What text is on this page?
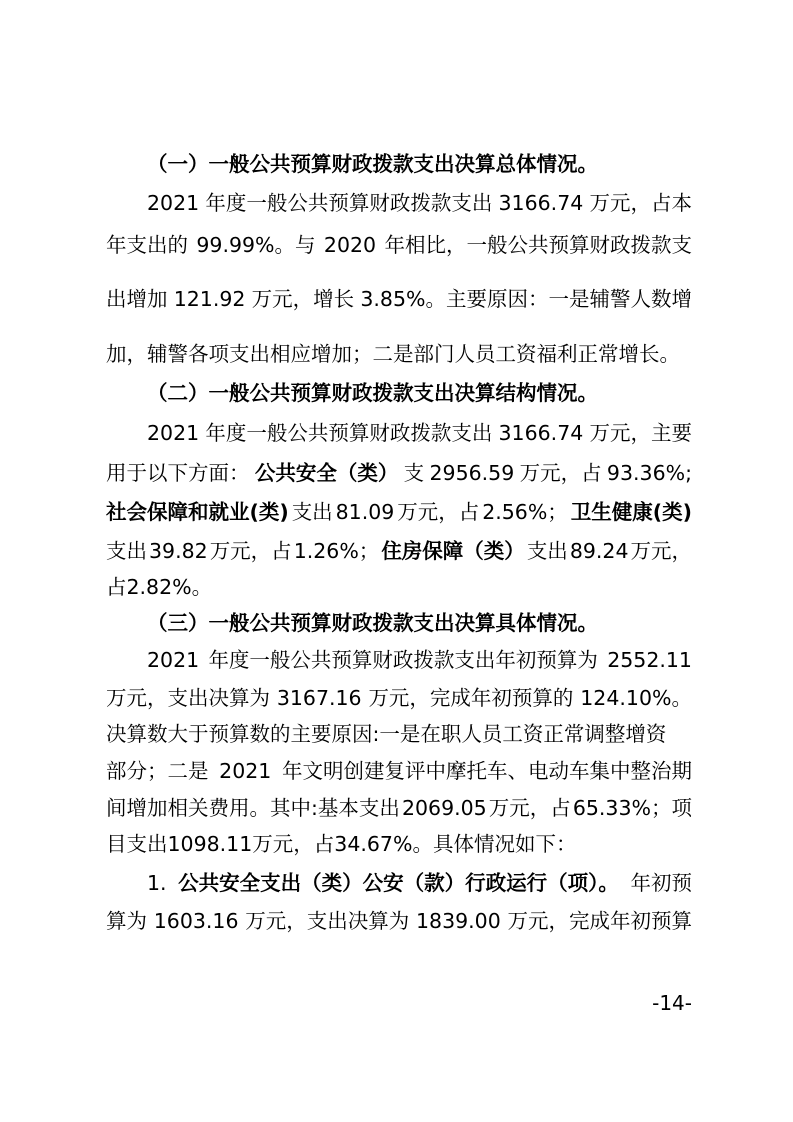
（一）一般公共预算财政拨款支出决算总体情况。
2021 年度一般公共预算财政拨款支出 3166.74 万元，占本
年支出的 99.99%。与 2020 年相比，一般公共预算财政拨款支
出增加 121.92 万元，增长 3.85%。主要原因：一是辅警人数增
加，辅警各项支出相应增加；二是部门人员工资福利正常增长。
（二）一般公共预算财政拨款支出决算结构情况。
2021 年度一般公共预算财政拨款支出 3166.74 万元，主要
用于以下方面： 公共安全（类） 支 2956.59 万元，占 93.36%;
社会保障和就业(类) 支出 81.09 万元，占 2.56%； 卫生健康(类)
支出 39.82 万元，占 1.26%； 住房保障（类） 支出 89.24 万元，
占 2.82%。
（三）一般公共预算财政拨款支出决算具体情况。
2021 年度一般公共预算财政拨款支出年初预算为 2552.11
万元，支出决算为 3167.16 万元，完成年初预算的 124.10%。
决算数大于预算数的主要原因:一是在职人员工资正常调整增资
部分；二是 2021 年文明创建复评中摩托车、电动车集中整治期
间增加相关费用。其中:基本支出 2069.05 万元，占 65.33%；项
目支出 1098.11 万元，占 34.67%。具体情况如下：
1. 公共安全支出（类）公安（款）行政运行（项）。 年初预
算为 1603.16 万元，支出决算为 1839.00 万元，完成年初预算
-14-
